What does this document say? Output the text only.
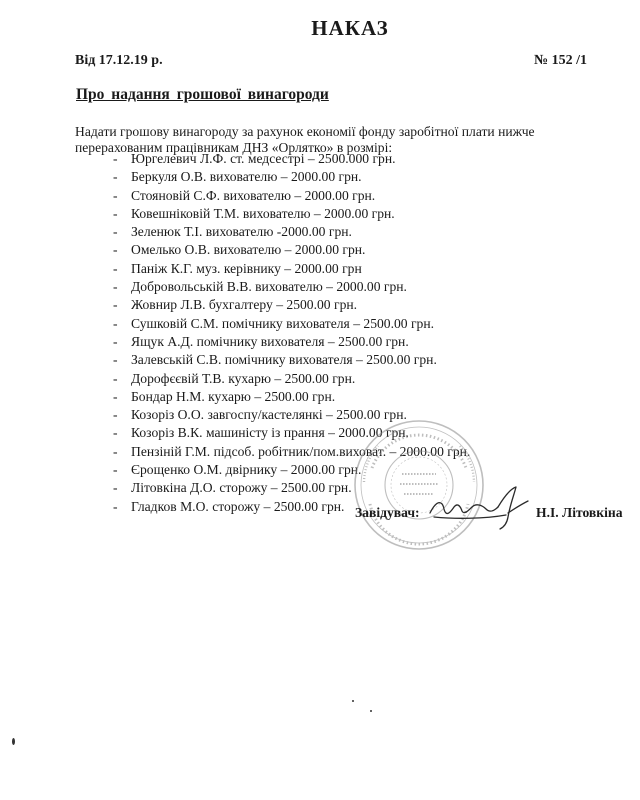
НАКАЗ
Від 17.12.19 р.	№ 152 /1
Про надання грошової винагороди
Надати грошову винагороду за рахунок економії фонду заробітної плати нижче перерахованим працівникам ДНЗ «Орлятко» в розмірі:
- Юргелевич Л.Ф. ст. медсестрі – 2500.000 грн.
- Беркуля О.В. вихователю – 2000.00 грн.
- Стояновій С.Ф. вихователю – 2000.00 грн.
- Ковешніковій Т.М. вихователю – 2000.00 грн.
- Зеленюк Т.І. вихователю -2000.00 грн.
- Омелько О.В. вихователю – 2000.00 грн.
- Паніж К.Г. муз. керівнику – 2000.00 грн
- Добровольській В.В. вихователю – 2000.00 грн.
- Жовнир Л.В. бухгалтеру – 2500.00 грн.
- Сушковій С.М. помічнику вихователя – 2500.00 грн.
- Ящук А.Д. помічнику вихователя – 2500.00 грн.
- Залевській С.В. помічнику вихователя – 2500.00 грн.
- Дорофєєвій Т.В. кухарю – 2500.00 грн.
- Бондар Н.М. кухарю – 2500.00 грн.
- Козоріз О.О. завгоспу/кастелянкі – 2500.00 грн.
- Козоріз В.К. машиністу із прання – 2000.00 грн.
- Пензіній Г.М. підсоб. робітник/пом.виховат. – 2000.00 грн.
- Єрощенко О.М. двірнику – 2000.00 грн.
- Літовкіна Д.О. сторожу – 2500.00 грн.
- Гладков М.О. сторожу – 2500.00 грн. Завідувач:	Н.І. Літовкіна
